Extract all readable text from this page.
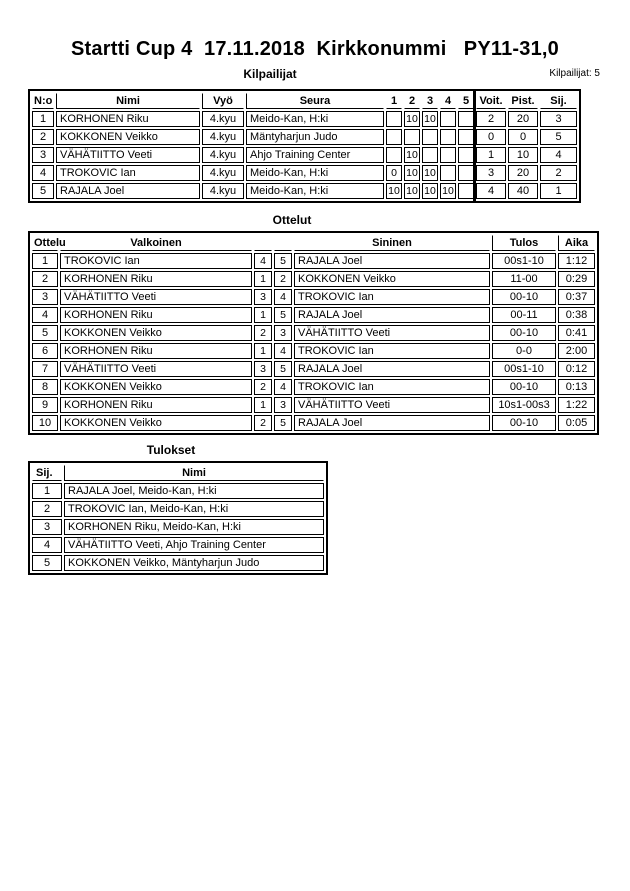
Startti Cup 4  17.11.2018  Kirkkonummi   PY11-31,0
Kilpailijat	Kilpailijat: 5
N:o	Nimi	Vyö	Seura	1	2	3	4	5	Voit.	Pist.	Sij.
1	KORHONEN Riku	4.kyu	Meido-Kan, H:ki		10	10			2	20	3
2	KOKKONEN Veikko	4.kyu	Mäntyharjun Judo						0	0	5
3	VÄHÄTIITTO Veeti	4.kyu	Ahjo Training Center		10				1	10	4
4	TROKOVIC Ian	4.kyu	Meido-Kan, H:ki	0	10	10			3	20	2
5	RAJALA Joel	4.kyu	Meido-Kan, H:ki	10	10	10	10		4	40	1
Ottelut
Ottelu	Valkoinen			Sininen	Tulos	Aika
1	TROKOVIC Ian	4	5	RAJALA Joel	00s1-10	1:12
2	KORHONEN Riku	1	2	KOKKONEN Veikko	11-00	0:29
3	VÄHÄTIITTO Veeti	3	4	TROKOVIC Ian	00-10	0:37
4	KORHONEN Riku	1	5	RAJALA Joel	00-11	0:38
5	KOKKONEN Veikko	2	3	VÄHÄTIITTO Veeti	00-10	0:41
6	KORHONEN Riku	1	4	TROKOVIC Ian	0-0	2:00
7	VÄHÄTIITTO Veeti	3	5	RAJALA Joel	00s1-10	0:12
8	KOKKONEN Veikko	2	4	TROKOVIC Ian	00-10	0:13
9	KORHONEN Riku	1	3	VÄHÄTIITTO Veeti	10s1-00s3	1:22
10	KOKKONEN Veikko	2	5	RAJALA Joel	00-10	0:05
Tulokset
Sij.	Nimi
1	RAJALA Joel, Meido-Kan, H:ki
2	TROKOVIC Ian, Meido-Kan, H:ki
3	KORHONEN Riku, Meido-Kan, H:ki
4	VÄHÄTIITTO Veeti, Ahjo Training Center
5	KOKKONEN Veikko, Mäntyharjun Judo
